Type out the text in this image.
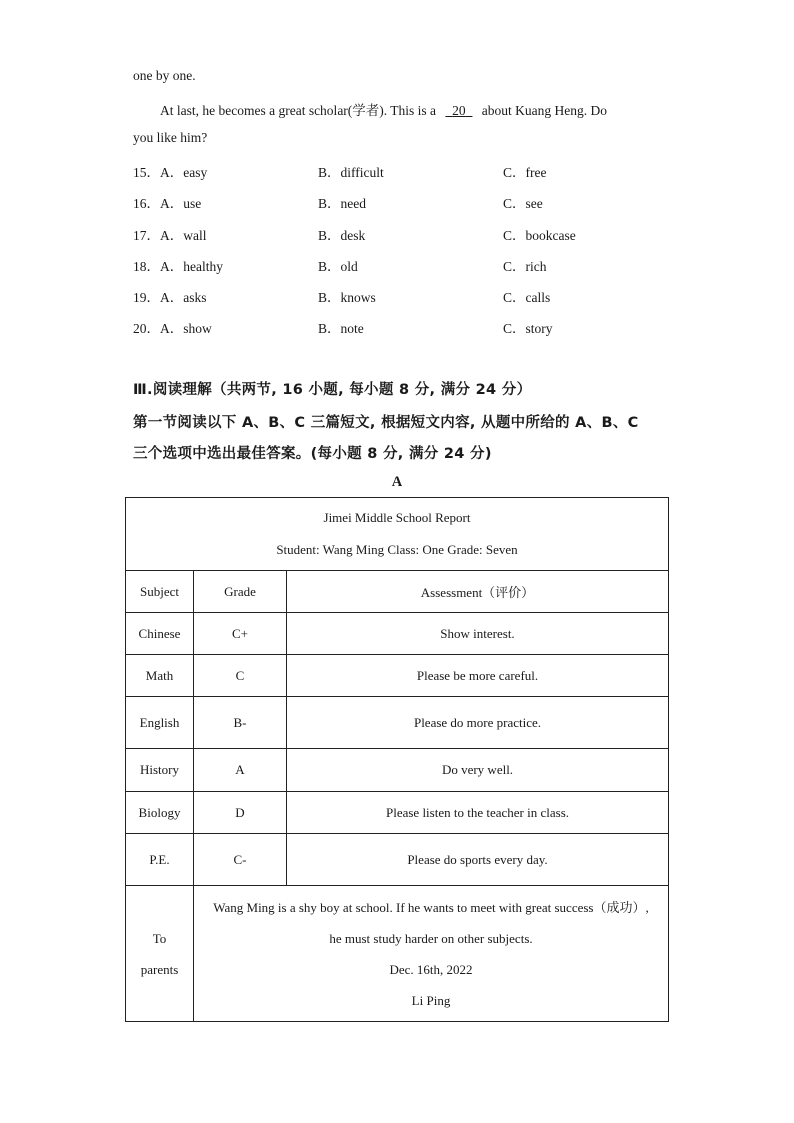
one by one.
At last, he becomes a great scholar(学者). This is a 20 about Kuang Heng. Do
you like him?
15．A．easy	B．difficult	C．free
16．A．use	B．need	C．see
17．A．wall	B．desk	C．bookcase
18．A．healthy	B．old	C．rich
19．A．asks	B．knows	C．calls
20．A．show	B．note	C．story
Ⅲ.阅读理解（共两节, 16 小题, 每小题 8 分, 满分 24 分）
第一节阅读以下 A、B、C 三篇短文, 根据短文内容, 从题中所给的 A、B、C
三个选项中选出最佳答案。(每小题 8 分, 满分 24 分)
A
Jimei Middle School Report
Student: Wang Ming Class: One Grade: Seven		

Subject	Grade	Assessment（评价）
Chinese	C+	Show interest.
Math	C	Please be more careful.
English	B-	Please do more practice.
History	A	Do very well.
Biology	D	Please listen to the teacher in class.
P.E.	C-	Please do sports every day.

To
parents	Wang Ming is a shy boy at school. If he wants to meet with great success（成功）,
he must study harder on other subjects.
Dec. 16th, 2022
Li Ping	
